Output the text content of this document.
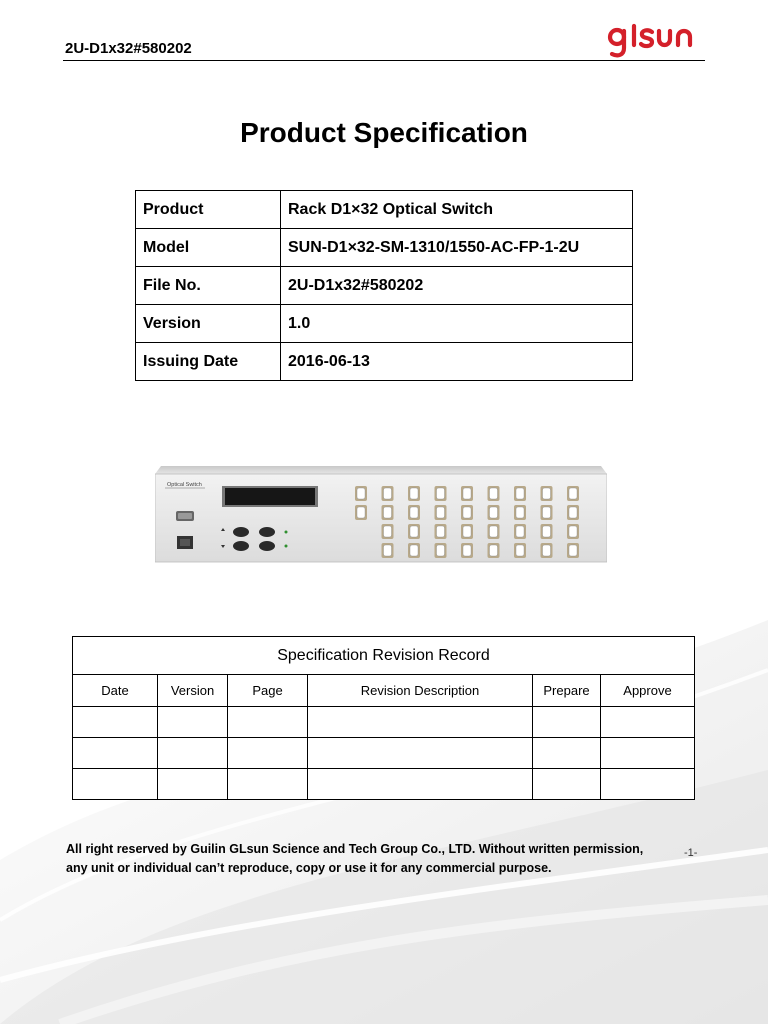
2U-D1x32#580202
Product Specification
Product	Rack D1×32 Optical Switch
Model	SUN-D1×32-SM-1310/1550-AC-FP-1-2U
File No.	2U-D1x32#580202
Version	1.0
Issuing Date	2016-06-13
Optical Switch
Specification Revision Record					
Date	Version	Page	Revision Description	Prepare	Approve

All right reserved by Guilin GLsun Science and Tech Group Co., LTD. Without written permission,
any unit or individual can’t reproduce, copy or use it for any commercial purpose.
-1-
